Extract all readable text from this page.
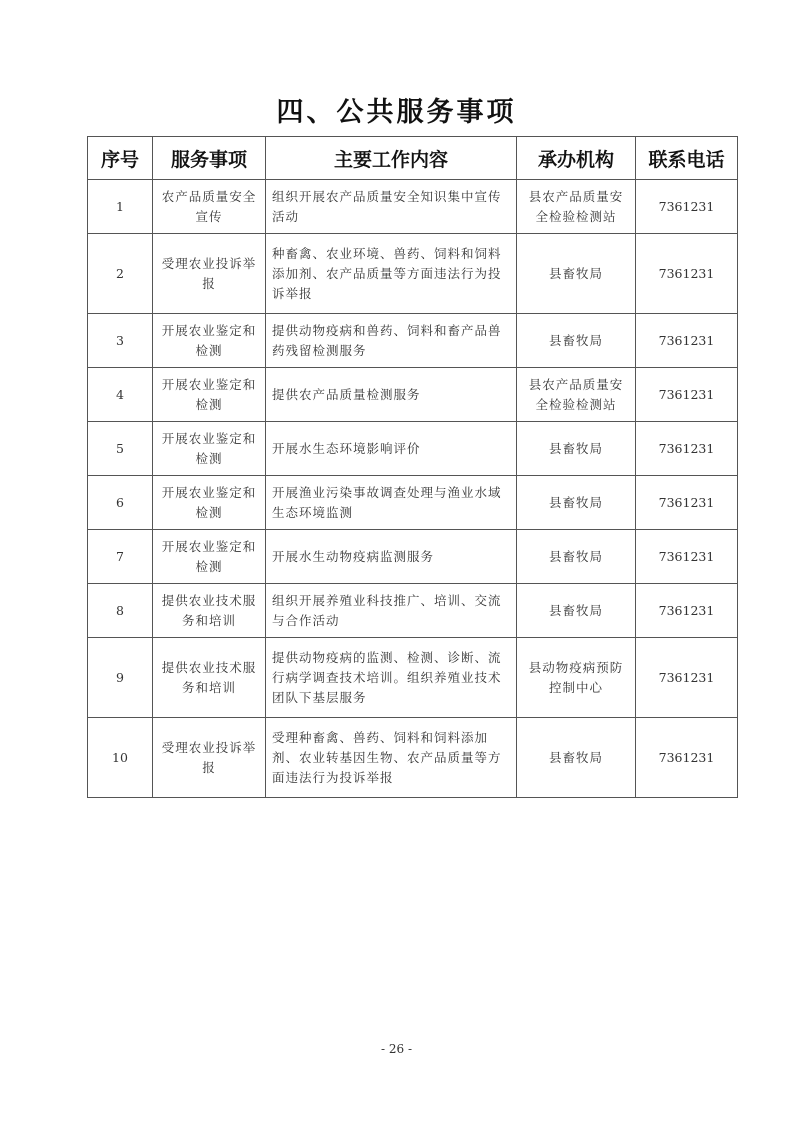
四、公共服务事项
序号	服务事项	主要工作内容	承办机构	联系电话
1	农产品质量安全宣传	组织开展农产品质量安全知识集中宣传活动	县农产品质量安全检验检测站	7361231
2	受理农业投诉举报	种畜禽、农业环境、兽药、饲料和饲料添加剂、农产品质量等方面违法行为投诉举报	县畜牧局	7361231
3	开展农业鉴定和检测	提供动物疫病和兽药、饲料和畜产品兽药残留检测服务	县畜牧局	7361231
4	开展农业鉴定和检测	提供农产品质量检测服务	县农产品质量安全检验检测站	7361231
5	开展农业鉴定和检测	开展水生态环境影响评价	县畜牧局	7361231
6	开展农业鉴定和检测	开展渔业污染事故调查处理与渔业水域生态环境监测	县畜牧局	7361231
7	开展农业鉴定和检测	开展水生动物疫病监测服务	县畜牧局	7361231
8	提供农业技术服务和培训	组织开展养殖业科技推广、培训、交流与合作活动	县畜牧局	7361231
9	提供农业技术服务和培训	提供动物疫病的监测、检测、诊断、流行病学调查技术培训。组织养殖业技术团队下基层服务	县动物疫病预防控制中心	7361231
10	受理农业投诉举报	受理种畜禽、兽药、饲料和饲料添加剂、农业转基因生物、农产品质量等方面违法行为投诉举报	县畜牧局	7361231
- 26 -
